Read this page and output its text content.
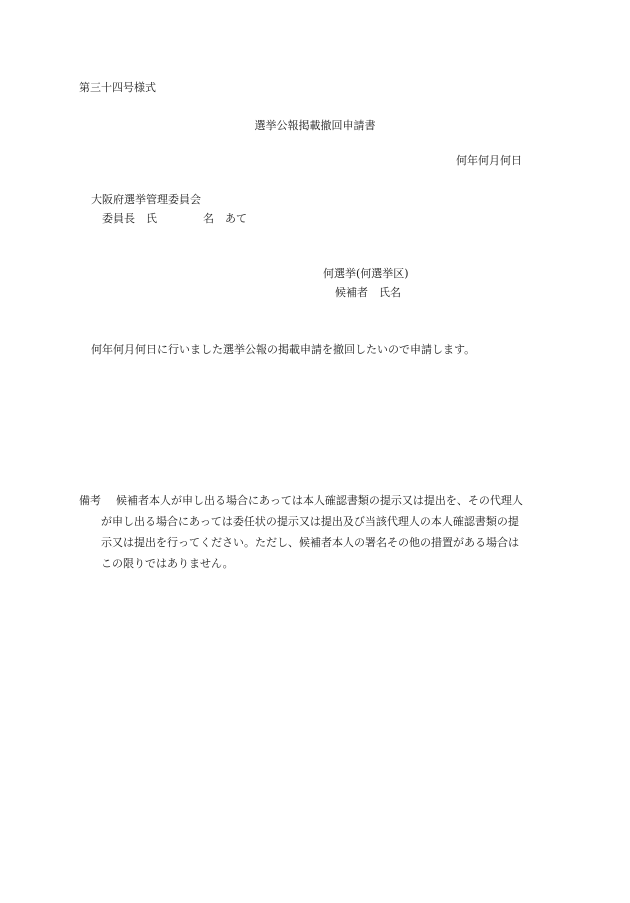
第三十四号様式

選挙公報掲載撤回申請書

何年何月何日

大阪府選挙管理委員会

委員長 氏	名 あて

何選挙(何選挙区)

候補者 氏名

何年何月何日に行いました選挙公報の掲載申請を撤回したいので申請します。

備考 候補者本人が申し出る場合にあっては本人確認書類の提示又は提出を、その代理人
が申し出る場合にあっては委任状の提示又は提出及び当該代理人の本人確認書類の提
示又は提出を行ってください。ただし、候補者本人の署名その他の措置がある場合は
この限りではありません。
